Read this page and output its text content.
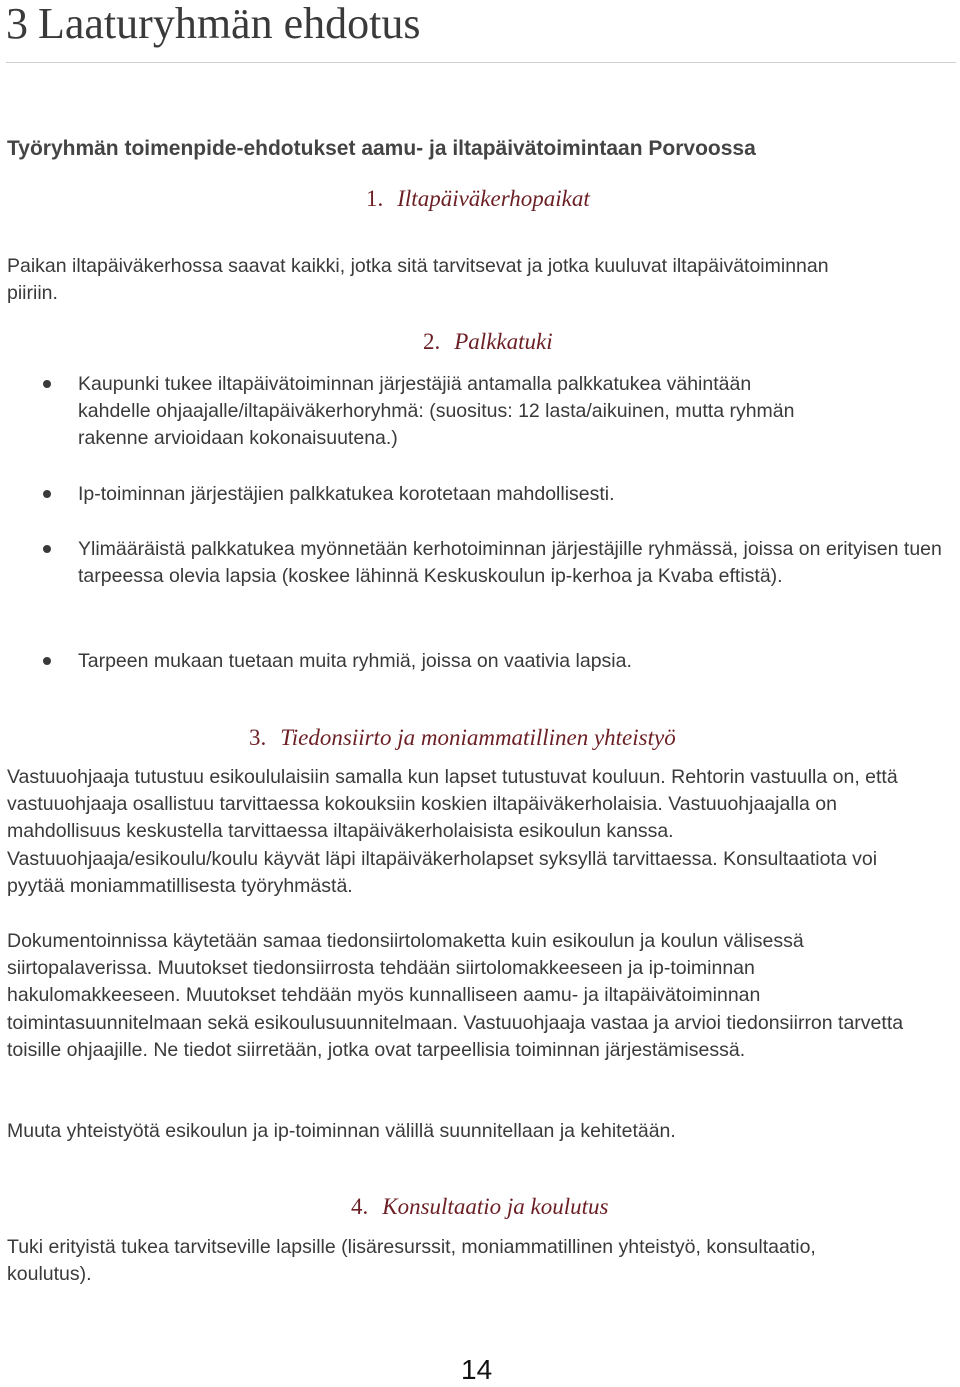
3 Laaturyhmän ehdotus
Työryhmän toimenpide-ehdotukset aamu- ja iltapäivätoimintaan Porvoossa
1. Iltapäiväkerhopaikat
Paikan iltapäiväkerhossa saavat kaikki, jotka sitä tarvitsevat ja jotka kuuluvat iltapäivätoiminnan piiriin.
2. Palkkatuki
Kaupunki tukee iltapäivätoiminnan järjestäjiä antamalla palkkatukea vähintään kahdelle ohjaajalle/iltapäiväkerhoryhmä: (suositus: 12 lasta/aikuinen, mutta ryhmän rakenne arvioidaan kokonaisuutena.)
Ip-toiminnan järjestäjien palkkatukea korotetaan mahdollisesti.
Ylimääräistä palkkatukea myönnetään kerhotoiminnan järjestäjille ryhmässä, joissa on erityisen tuen tarpeessa olevia lapsia (koskee lähinnä Keskuskoulun ip-kerhoa ja Kvaba eftistä).
Tarpeen mukaan tuetaan muita ryhmiä, joissa on vaativia lapsia.
3. Tiedonsiirto ja moniammatillinen yhteistyö
Vastuuohjaaja tutustuu esikoululaisiin samalla kun lapset tutustuvat kouluun. Rehtorin vastuulla on, että vastuuohjaaja osallistuu tarvittaessa kokouksiin koskien iltapäiväkerholaisia. Vastuuohjaajalla on mahdollisuus keskustella tarvittaessa iltapäiväkerholaisista esikoulun kanssa. Vastuuohjaaja/esikoulu/koulu käyvät läpi iltapäiväkerholapset syksyllä tarvittaessa. Konsultaatiota voi pyytää moniammatillisesta työryhmästä.
Dokumentoinnissa käytetään samaa tiedonsiirtolomaketta kuin esikoulun ja koulun välisessä siirtopalaverissa. Muutokset tiedonsiirrosta tehdään siirtolomakkeeseen ja ip-toiminnan hakulomakkeeseen. Muutokset tehdään myös kunnalliseen aamu- ja iltapäivätoiminnan toimintasuunnitelmaan sekä esikoulusuunnitelmaan. Vastuuohjaaja vastaa ja arvioi tiedonsiirron tarvetta toisille ohjaajille. Ne tiedot siirretään, jotka ovat tarpeellisia toiminnan järjestämisessä.
Muuta yhteistyötä esikoulun ja ip-toiminnan välillä suunnitellaan ja kehitetään.
4. Konsultaatio ja koulutus
Tuki erityistä tukea tarvitseville lapsille (lisäresurssit, moniammatillinen yhteistyö, konsultaatio, koulutus).
14
